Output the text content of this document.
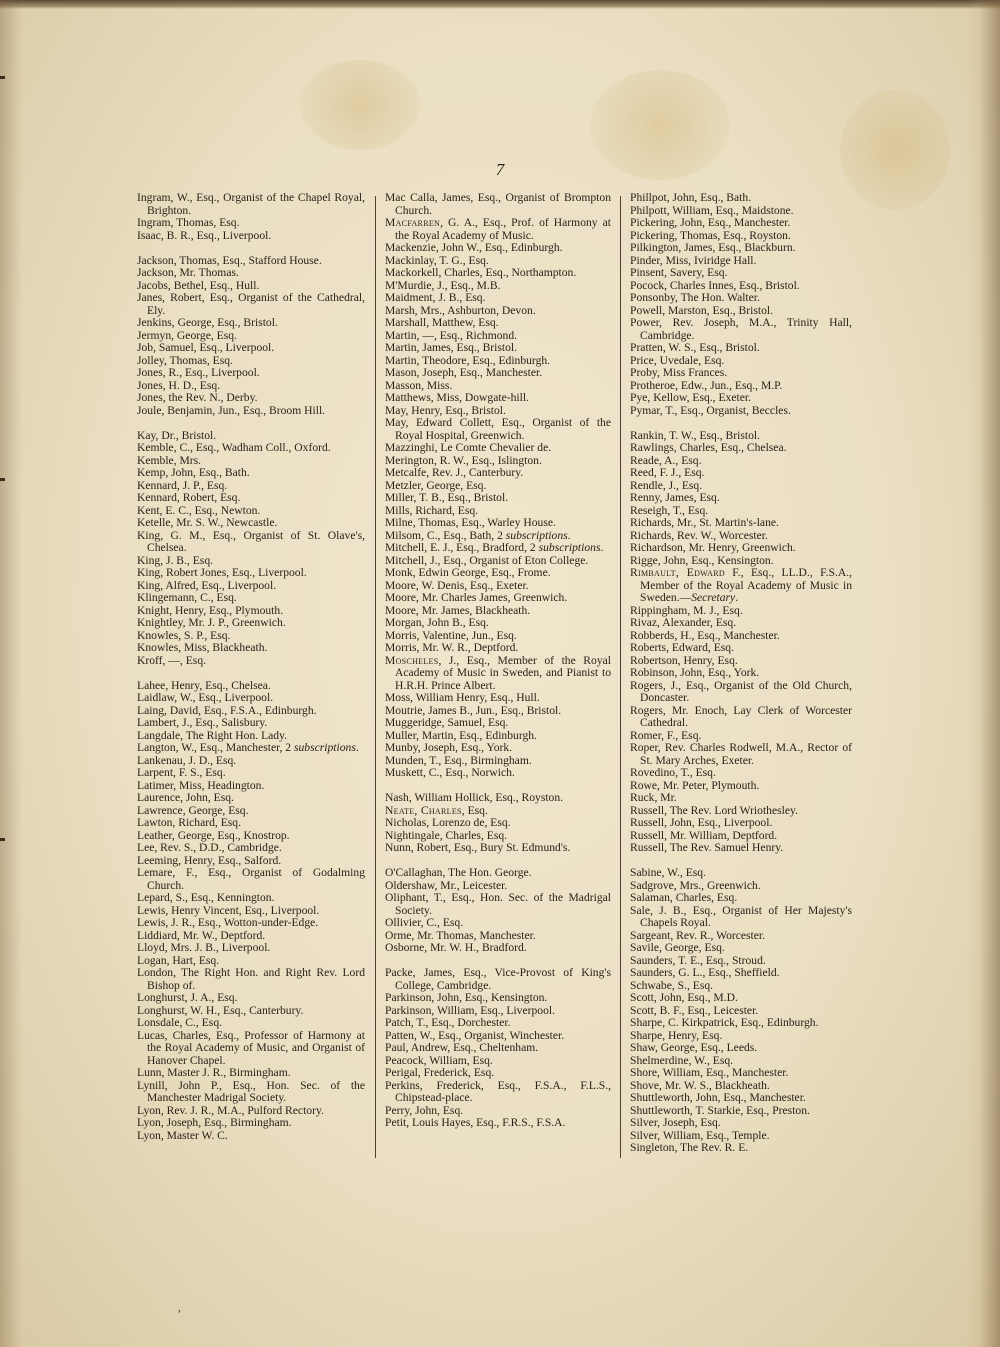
7
Ingram, W., Esq., Organist of the Chapel Royal, Brighton.
Ingram, Thomas, Esq.
Isaac, B. R., Esq., Liverpool.
Jackson, Thomas, Esq., Stafford House.
Jackson, Mr. Thomas.
Jacobs, Bethel, Esq., Hull.
Janes, Robert, Esq., Organist of the Cathedral, Ely.
Jenkins, George, Esq., Bristol.
Jermyn, George, Esq.
Job, Samuel, Esq., Liverpool.
Jolley, Thomas, Esq.
Jones, R., Esq., Liverpool.
Jones, H. D., Esq.
Jones, the Rev. N., Derby.
Joule, Benjamin, Jun., Esq., Broom Hill.
Kay, Dr., Bristol.
Kemble, C., Esq., Wadham Coll., Oxford.
Kemble, Mrs.
Kemp, John, Esq., Bath.
Kennard, J. P., Esq.
Kennard, Robert, Esq.
Kent, E. C., Esq., Newton.
Ketelle, Mr. S. W., Newcastle.
King, G. M., Esq., Organist of St. Olave's, Chelsea.
King, J. B., Esq.
King, Robert Jones, Esq., Liverpool.
King, Alfred, Esq., Liverpool.
Klingemann, C., Esq.
Knight, Henry, Esq., Plymouth.
Knightley, Mr. J. P., Greenwich.
Knowles, S. P., Esq.
Knowles, Miss, Blackheath.
Kroff, —, Esq.
Lahee, Henry, Esq., Chelsea.
Laidlaw, W., Esq., Liverpool.
Laing, David, Esq., F.S.A., Edinburgh.
Lambert, J., Esq., Salisbury.
Langdale, The Right Hon. Lady.
Langton, W., Esq., Manchester, 2 subscriptions.
Lankenau, J. D., Esq.
Larpent, F. S., Esq.
Latimer, Miss, Headington.
Laurence, John, Esq.
Lawrence, George, Esq.
Lawton, Richard, Esq.
Leather, George, Esq., Knostrop.
Lee, Rev. S., D.D., Cambridge.
Leeming, Henry, Esq., Salford.
Lemare, F., Esq., Organist of Godalming Church.
Lepard, S., Esq., Kennington.
Lewis, Henry Vincent, Esq., Liverpool.
Lewis, J. R., Esq., Wotton-under-Edge.
Liddiard, Mr. W., Deptford.
Lloyd, Mrs. J. B., Liverpool.
Logan, Hart, Esq.
London, The Right Hon. and Right Rev. Lord Bishop of.
Longhurst, J. A., Esq.
Longhurst, W. H., Esq., Canterbury.
Lonsdale, C., Esq.
Lucas, Charles, Esq., Professor of Harmony at the Royal Academy of Music, and Organist of Hanover Chapel.
Lunn, Master J. R., Birmingham.
Lynill, John P., Esq., Hon. Sec. of the Manchester Madrigal Society.
Lyon, Rev. J. R., M.A., Pulford Rectory.
Lyon, Joseph, Esq., Birmingham.
Lyon, Master W. C.
Mac Calla, James, Esq., Organist of Brompton Church.
Macfarren, G. A., Esq., Prof. of Harmony at the Royal Academy of Music.
Mackenzie, John W., Esq., Edinburgh.
Mackinlay, T. G., Esq.
Mackorkell, Charles, Esq., Northampton.
M'Murdie, J., Esq., M.B.
Maidment, J. B., Esq.
Marsh, Mrs., Ashburton, Devon.
Marshall, Matthew, Esq.
Martin, —, Esq., Richmond.
Martin, James, Esq., Bristol.
Martin, Theodore, Esq., Edinburgh.
Mason, Joseph, Esq., Manchester.
Masson, Miss.
Matthews, Miss, Dowgate-hill.
May, Henry, Esq., Bristol.
May, Edward Collett, Esq., Organist of the Royal Hospital, Greenwich.
Mazzinghi, Le Comte Chevalier de.
Merington, R. W., Esq., Islington.
Metcalfe, Rev. J., Canterbury.
Metzler, George, Esq.
Miller, T. B., Esq., Bristol.
Mills, Richard, Esq.
Milne, Thomas, Esq., Warley House.
Milsom, C., Esq., Bath, 2 subscriptions.
Mitchell, E. J., Esq., Bradford, 2 subscriptions.
Mitchell, J., Esq., Organist of Eton College.
Monk, Edwin George, Esq., Frome.
Moore, W. Denis, Esq., Exeter.
Moore, Mr. Charles James, Greenwich.
Moore, Mr. James, Blackheath.
Morgan, John B., Esq.
Morris, Valentine, Jun., Esq.
Morris, Mr. W. R., Deptford.
Moscheles, J., Esq., Member of the Royal Academy of Music in Sweden, and Pianist to H.R.H. Prince Albert.
Moss, William Henry, Esq., Hull.
Moutrie, James B., Jun., Esq., Bristol.
Muggeridge, Samuel, Esq.
Muller, Martin, Esq., Edinburgh.
Munby, Joseph, Esq., York.
Munden, T., Esq., Birmingham.
Muskett, C., Esq., Norwich.
Nash, William Hollick, Esq., Royston.
Neate, Charles, Esq.
Nicholas, Lorenzo de, Esq.
Nightingale, Charles, Esq.
Nunn, Robert, Esq., Bury St. Edmund's.
O'Callaghan, The Hon. George.
Oldershaw, Mr., Leicester.
Oliphant, T., Esq., Hon. Sec. of the Madrigal Society.
Ollivier, C., Esq.
Orme, Mr. Thomas, Manchester.
Osborne, Mr. W. H., Bradford.
Packe, James, Esq., Vice-Provost of King's College, Cambridge.
Parkinson, John, Esq., Kensington.
Parkinson, William, Esq., Liverpool.
Patch, T., Esq., Dorchester.
Patten, W., Esq., Organist, Winchester.
Paul, Andrew, Esq., Cheltenham.
Peacock, William, Esq.
Perigal, Frederick, Esq.
Perkins, Frederick, Esq., F.S.A., F.L.S., Chipstead-place.
Perry, John, Esq.
Petit, Louis Hayes, Esq., F.R.S., F.S.A.
Phillpot, John, Esq., Bath.
Philpott, William, Esq., Maidstone.
Pickering, John, Esq., Manchester.
Pickering, Thomas, Esq., Royston.
Pilkington, James, Esq., Blackburn.
Pinder, Miss, Iviridge Hall.
Pinsent, Savery, Esq.
Pocock, Charles Innes, Esq., Bristol.
Ponsonby, The Hon. Walter.
Powell, Marston, Esq., Bristol.
Power, Rev. Joseph, M.A., Trinity Hall, Cambridge.
Pratten, W. S., Esq., Bristol.
Price, Uvedale, Esq.
Proby, Miss Frances.
Protheroe, Edw., Jun., Esq., M.P.
Pye, Kellow, Esq., Exeter.
Pymar, T., Esq., Organist, Beccles.
Rankin, T. W., Esq., Bristol.
Rawlings, Charles, Esq., Chelsea.
Reade, A., Esq.
Reed, F. J., Esq.
Rendle, J., Esq.
Renny, James, Esq.
Reseigh, T., Esq.
Richards, Mr., St. Martin's-lane.
Richards, Rev. W., Worcester.
Richardson, Mr. Henry, Greenwich.
Rigge, John, Esq., Kensington.
Rimbault, Edward F., Esq., LL.D., F.S.A., Member of the Royal Academy of Music in Sweden.—Secretary.
Rippingham, M. J., Esq.
Rivaz, Alexander, Esq.
Robberds, H., Esq., Manchester.
Roberts, Edward, Esq.
Robertson, Henry, Esq.
Robinson, John, Esq., York.
Rogers, J., Esq., Organist of the Old Church, Doncaster.
Rogers, Mr. Enoch, Lay Clerk of Worcester Cathedral.
Romer, F., Esq.
Roper, Rev. Charles Rodwell, M.A., Rector of St. Mary Arches, Exeter.
Rovedino, T., Esq.
Rowe, Mr. Peter, Plymouth.
Ruck, Mr.
Russell, The Rev. Lord Wriothesley.
Russell, John, Esq., Liverpool.
Russell, Mr. William, Deptford.
Russell, The Rev. Samuel Henry.
Sabine, W., Esq.
Sadgrove, Mrs., Greenwich.
Salaman, Charles, Esq.
Sale, J. B., Esq., Organist of Her Majesty's Chapels Royal.
Sargeant, Rev. R., Worcester.
Savile, George, Esq.
Saunders, T. E., Esq., Stroud.
Saunders, G. L., Esq., Sheffield.
Schwabe, S., Esq.
Scott, John, Esq., M.D.
Scott, B. F., Esq., Leicester.
Sharpe, C. Kirkpatrick, Esq., Edinburgh.
Sharpe, Henry, Esq.
Shaw, George, Esq., Leeds.
Shelmerdine, W., Esq.
Shore, William, Esq., Manchester.
Shove, Mr. W. S., Blackheath.
Shuttleworth, John, Esq., Manchester.
Shuttleworth, T. Starkie, Esq., Preston.
Silver, Joseph, Esq.
Silver, William, Esq., Temple.
Singleton, The Rev. R. E.
,
